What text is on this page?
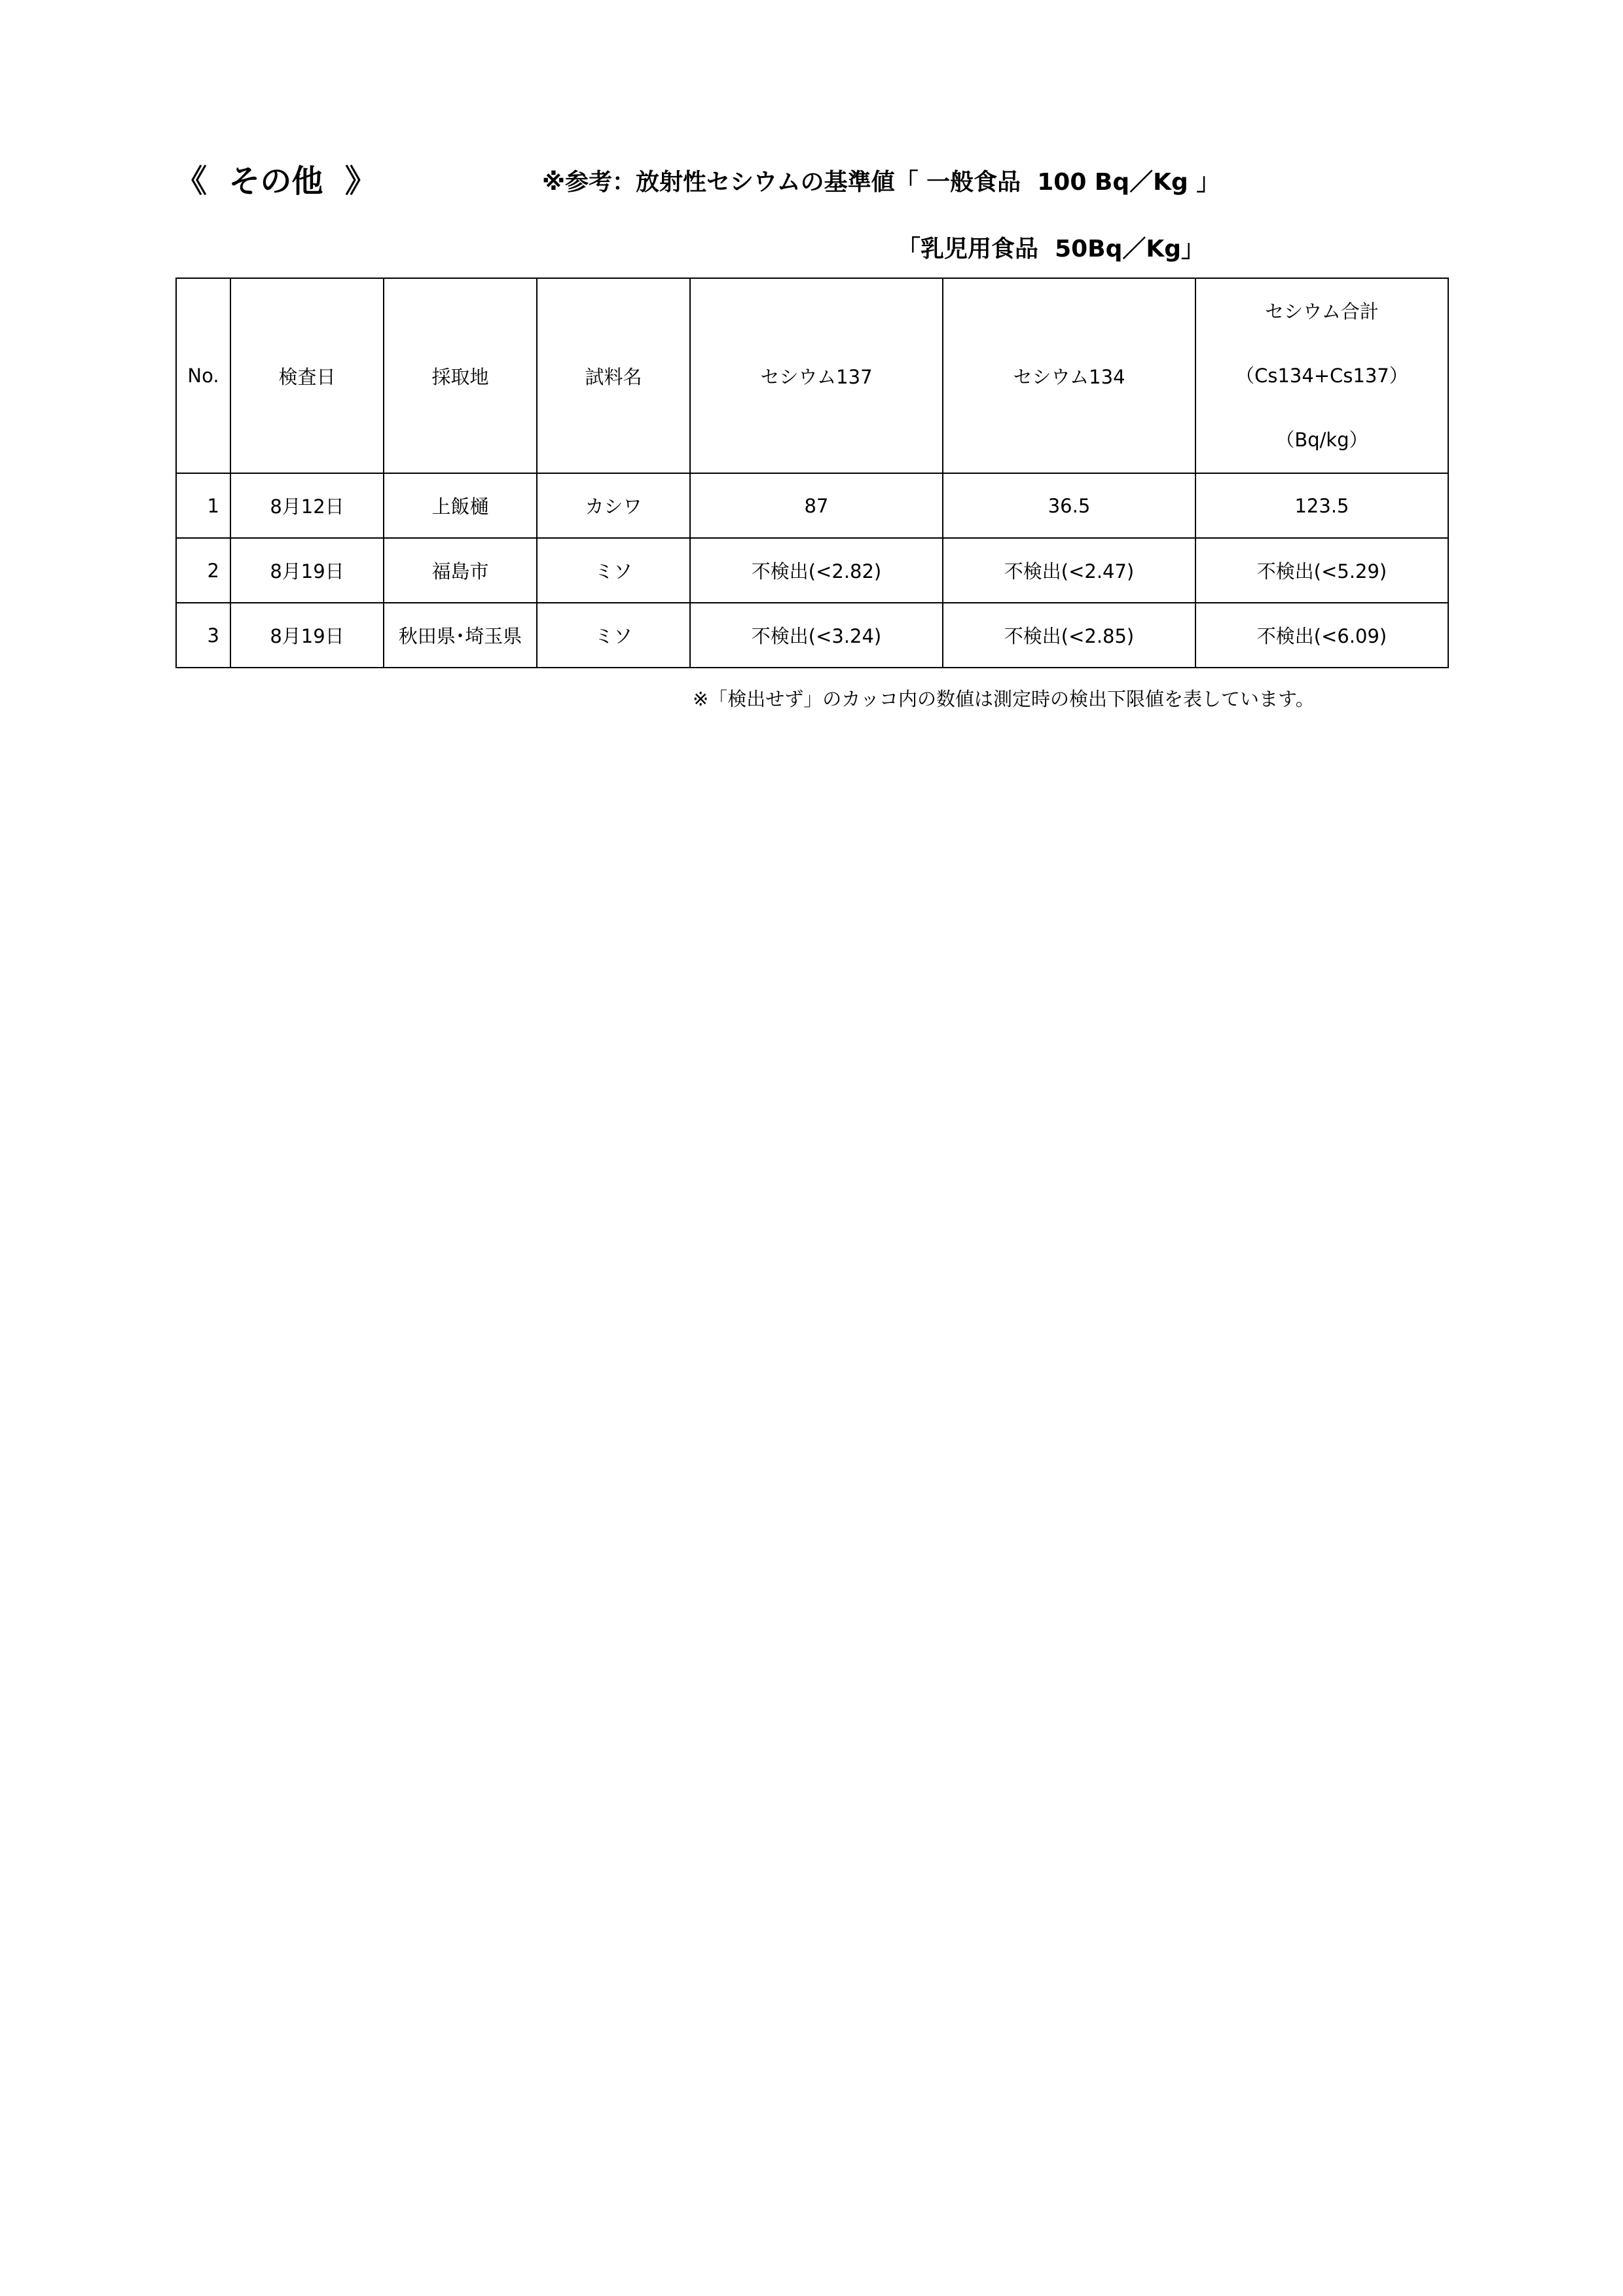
《  その他  》	※参考：放射性セシウムの基準値「 一般食品  100 Bq／Kg 」
「乳児用食品  50Bq／Kg」
No.	検査日	採取地	試料名	セシウム137	セシウム134	セシウム合計
（Cs134+Cs137）
（Bq/kg）

1	8月12日	上飯樋	カシワ	87	36.5	123.5
2	8月19日	福島市	ミソ	不検出(<2.82)	不検出(<2.47)	不検出(<5.29)
3	8月19日	秋田県･埼玉県	ミソ	不検出(<3.24)	不検出(<2.85)	不検出(<6.09)
※「検出せず」のカッコ内の数値は測定時の検出下限値を表しています。
